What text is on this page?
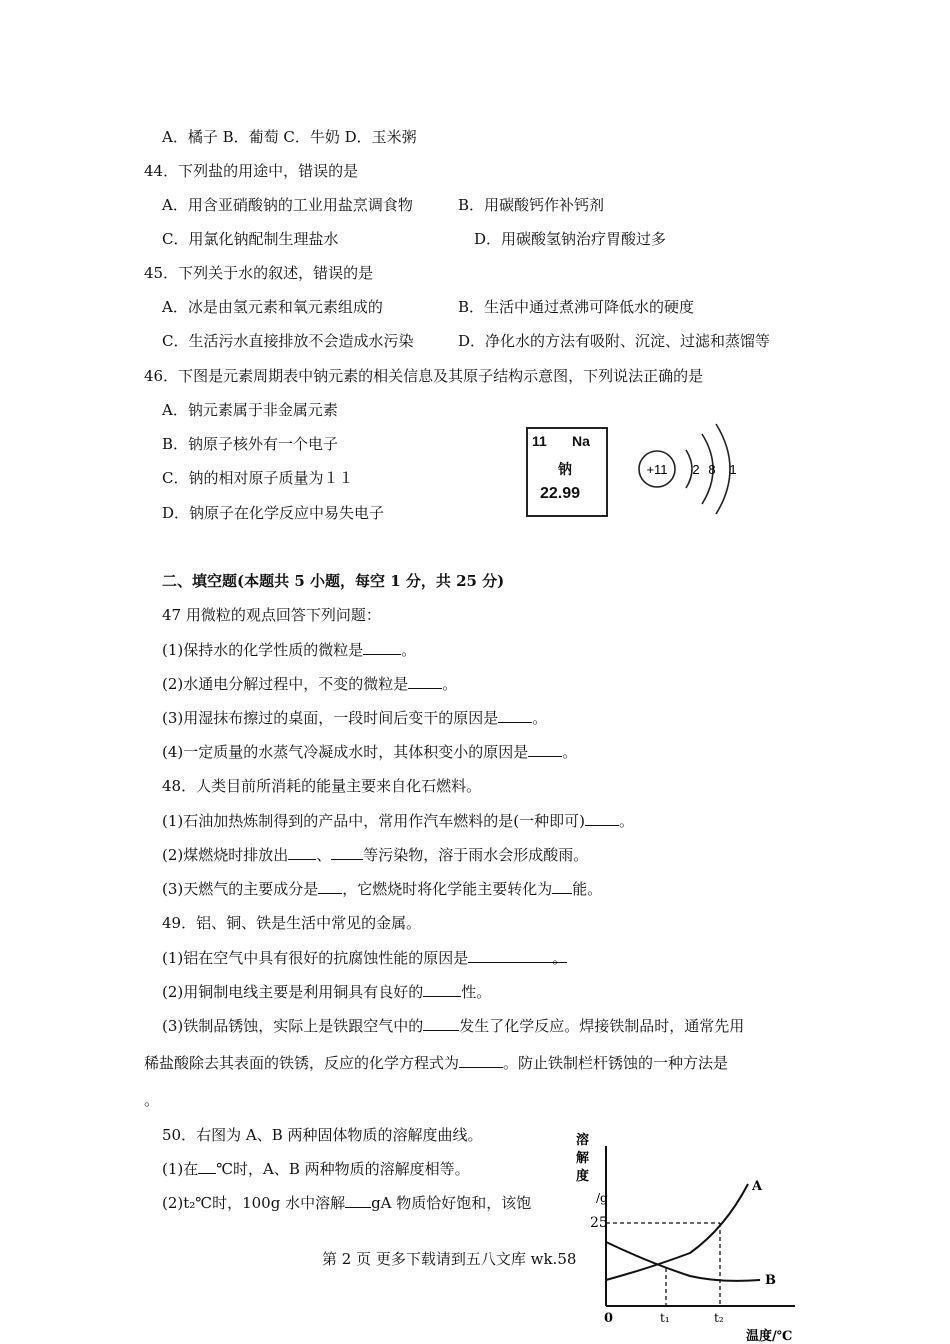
A．橘子 B．葡萄 C．牛奶 D．玉米粥
44．下列盐的用途中，错误的是
A．用含亚硝酸钠的工业用盐烹调食物	B．用碳酸钙作补钙剂
C．用氯化钠配制生理盐水	D．用碳酸氢钠治疗胃酸过多
45．下列关于水的叙述，错误的是
A．冰是由氢元素和氧元素组成的	B．生活中通过煮沸可降低水的硬度
C．生活污水直接排放不会造成水污染	D．净化水的方法有吸附、沉淀、过滤和蒸馏等
46．下图是元素周期表中钠元素的相关信息及其原子结构示意图，下列说法正确的是
A．钠元素属于非金属元素
B．钠原子核外有一个电子
C．钠的相对原子质量为１１
D．钠原子在化学反应中易失电子
11 Na
钠
22.99
+11 2 8 1
二、填空题(本题共 5 小题，每空 1 分，共 25 分)
47 用微粒的观点回答下列问题：
(1)保持水的化学性质的微粒是	。
(2)水通电分解过程中，不变的微粒是 。
(3)用湿抹布擦过的桌面，一段时间后变干的原因是 。
(4)一定质量的水蒸气冷凝成水时，其体积变小的原因是 。
48．人类目前所消耗的能量主要来自化石燃料。
(1)石油加热炼制得到的产品中，常用作汽车燃料的是(一种即可) 。
(2)煤燃烧时排放出 、 等污染物，溶于雨水会形成酸雨。
(3)天燃气的主要成分是 ，它燃烧时将化学能主要转化为 能。
49．铝、铜、铁是生活中常见的金属。
(1)铝在空气中具有很好的抗腐蚀性能的原因是	。
(2)用铜制电线主要是利用铜具有良好的	性。
(3)铁制品锈蚀，实际上是铁跟空气中的 发生了化学反应。焊接铁制品时，通常先用
稀盐酸除去其表面的铁锈，反应的化学方程式为	。防止铁制栏杆锈蚀的一种方法是
。
50．右图为 A、B 两种固体物质的溶解度曲线。
(1)在 ℃时，A、B 两种物质的溶解度相等。
(2)t₂℃时，100g 水中溶解 gA 物质恰好饱和，该饱
溶
解
度
/g
25
A
B
0	t₁	t₂
温度/℃
第 2 页 更多下载请到五八文库 wk.58
